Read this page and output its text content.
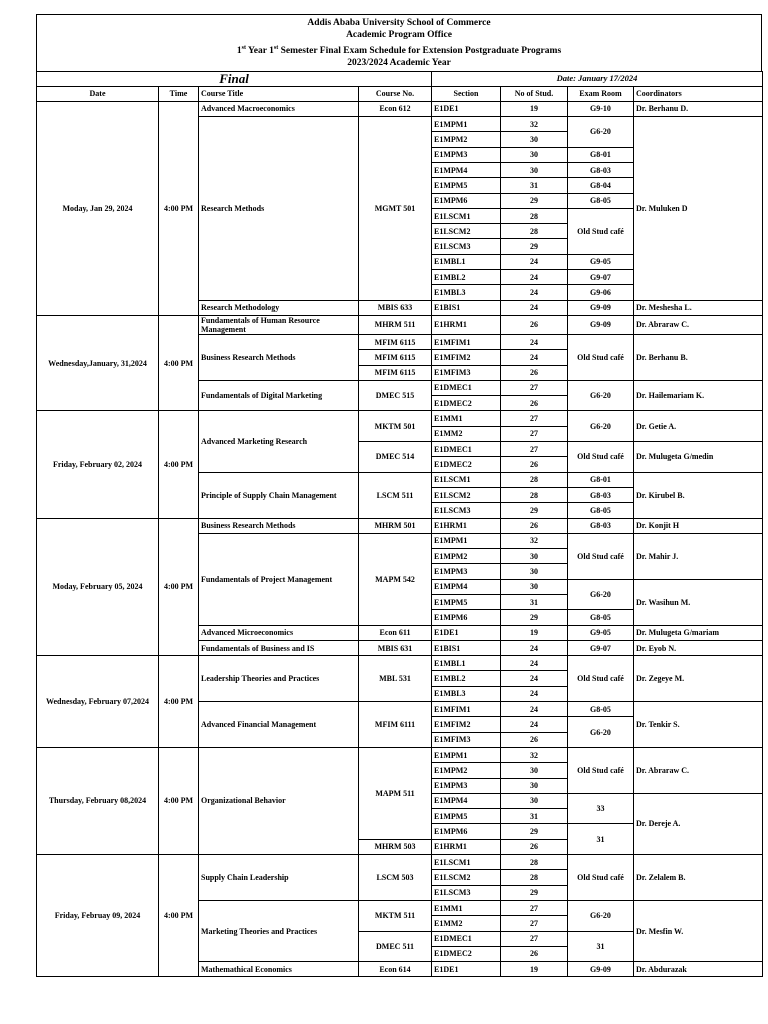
Addis Ababa University School of Commerce
Academic Program Office
1st Year 1st Semester Final Exam Schedule for Extension Postgraduate Programs
2023/2024 Academic Year
Final				Date: January 17/2024			
Date	Time	Course Title	Course No.	Section	No of Stud.	Exam Room	Coordinators
Moday, Jan 29, 2024	4:00 PM	Advanced Macroeconomics	Econ 612	E1DE1	19	G9-10	Dr. Berhanu D.
		Research Methods	MGMT 501	E1MPM1	32	G6-20	Dr. Muluken D
				E1MPM2	30		
				E1MPM3	30	G8-01	
				E1MPM4	30	G8-03	
				E1MPM5	31	G8-04	
				E1MPM6	29	G8-05	
				E1LSCM1	28	Old Stud café	
				E1LSCM2	28		
				E1LSCM3	29		
				E1MBL1	24	G9-05	
				E1MBL2	24	G9-07	
				E1MBL3	24	G9-06	
		Research Methodology	MBIS 633	E1BIS1	24	G9-09	Dr. Meshesha L.
Wednesday,January, 31,2024	4:00 PM	Fundamentals of Human Resource Management	MHRM 511	E1HRM1	26	G9-09	Dr. Abraraw C.
		Business Research Methods	MFIM 6115	E1MFIM1	24	Old Stud café	Dr. Berhanu B.
			MFIM 6115	E1MFIM2	24		
			MFIM 6115	E1MFIM3	26		
		Fundamentals of Digital Marketing	DMEC 515	E1DMEC1	27	G6-20	Dr. Hailemariam K.
				E1DMEC2	26		
Friday, February 02, 2024	4:00 PM	Advanced Marketing Research	MKTM 501	E1MM1	27	G6-20	Dr. Getie A.
				E1MM2	27		
			DMEC 514	E1DMEC1	27	Old Stud café	Dr. Mulugeta G/medin
				E1DMEC2	26		
		Principle of Supply Chain Management	LSCM 511	E1LSCM1	28	G8-01	Dr. Kirubel B.
				E1LSCM2	28	G8-03	
				E1LSCM3	29	G8-05	
Moday, February 05, 2024	4:00 PM	Business Research Methods	MHRM 501	E1HRM1	26	G8-03	Dr. Konjit H
		Fundamentals of Project Management	MAPM 542	E1MPM1	32	Old Stud café	Dr. Mahir J.
				E1MPM2	30		
				E1MPM3	30		
				E1MPM4	30	G6-20	Dr. Wasihun M.
				E1MPM5	31		
				E1MPM6	29	G8-05	
		Advanced Microeconomics	Econ 611	E1DE1	19	G9-05	Dr. Mulugeta G/mariam
		Fundamentals of Business and IS	MBIS 631	E1BIS1	24	G9-07	Dr. Eyob N.
Wednesday, February 07,2024	4:00 PM	Leadership Theories and Practices	MBL 531	E1MBL1	24	Old Stud café	Dr. Zegeye M.
				E1MBL2	24		
				E1MBL3	24		
		Advanced Financial Management	MFIM 6111	E1MFIM1	24	G8-05	Dr. Tenkir S.
				E1MFIM2	24	G6-20	
				E1MFIM3	26		
Thursday, February 08,2024	4:00 PM	Organizational Behavior	MAPM 511	E1MPM1	32	Old Stud café	Dr. Abraraw C.
				E1MPM2	30		
				E1MPM3	30		
				E1MPM4	30	33	Dr. Dereje A.
				E1MPM5	31		
				E1MPM6	29	31	
			MHRM 503	E1HRM1	26		
Friday, Februay 09, 2024	4:00 PM	Supply Chain Leadership	LSCM 503	E1LSCM1	28	Old Stud café	Dr. Zelalem B.
				E1LSCM2	28		
				E1LSCM3	29		
		Marketing Theories and Practices	MKTM 511	E1MM1	27	G6-20	Dr. Mesfin W.
				E1MM2	27		
			DMEC 511	E1DMEC1	27	31	
				E1DMEC2	26		
		Mathemathical Economics	Econ 614	E1DE1	19	G9-09	Dr. Abdurazak
